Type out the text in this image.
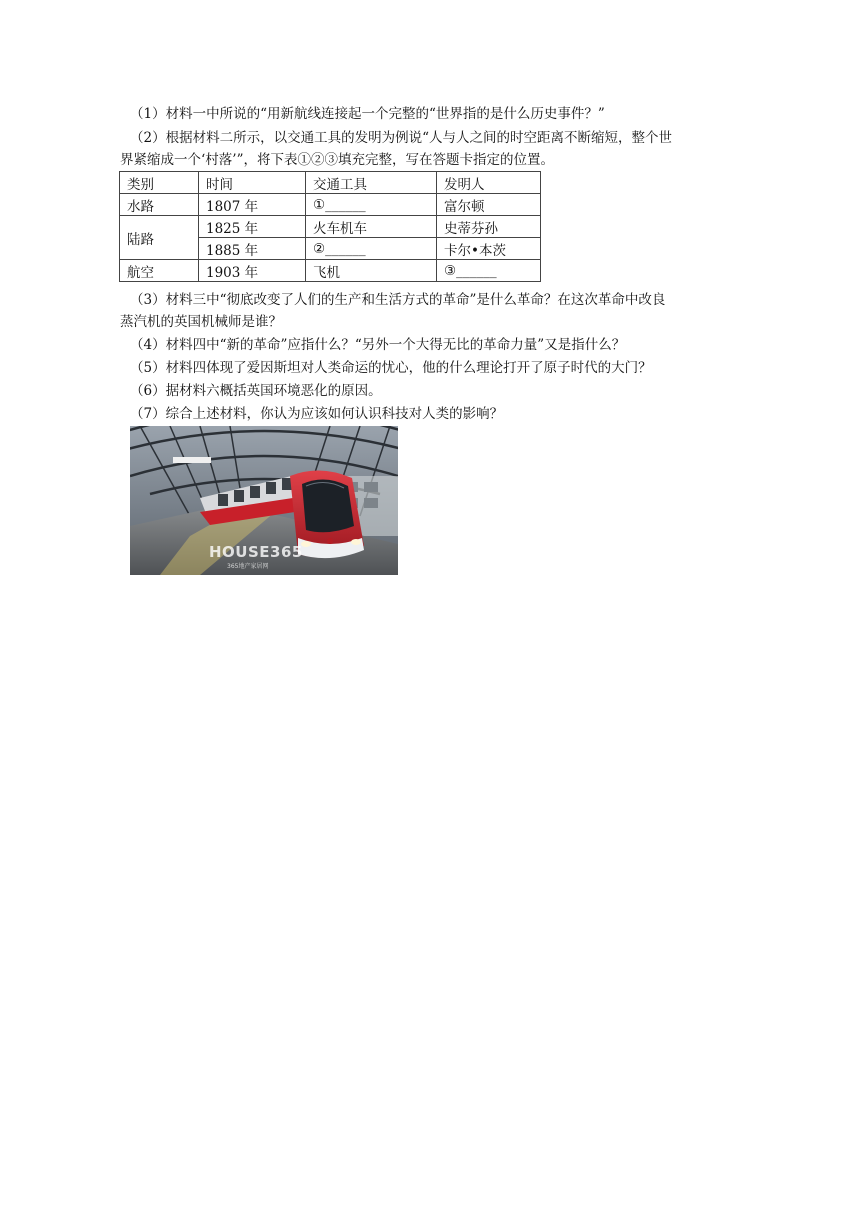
（1）材料一中所说的“用新航线连接起一个完整的“世界指的是什么历史事件？”
（2）根据材料二所示，以交通工具的发明为例说“人与人之间的时空距离不断缩短，整个世
界紧缩成一个‘村落’”，将下表①②③填充完整，写在答题卡指定的位置。
类别	时间	交通工具	发明人
水路	1807 年	①______	富尔顿
陆路	1825 年	火车机车	史蒂芬孙
	1885 年	②______	卡尔•本茨
航空	1903 年	飞机	③______
（3）材料三中“彻底改变了人们的生产和生活方式的革命”是什么革命？在这次革命中改良
蒸汽机的英国机械师是谁？
（4）材料四中“新的革命”应指什么？“另外一个大得无比的革命力量”又是指什么？
（5）材料四体现了爱因斯坦对人类命运的忧心，他的什么理论打开了原子时代的大门？
（6）据材料六概括英国环境恶化的原因。
（7）综合上述材料，你认为应该如何认识科技对人类的影响？
HOUSE365
365地产家居网
